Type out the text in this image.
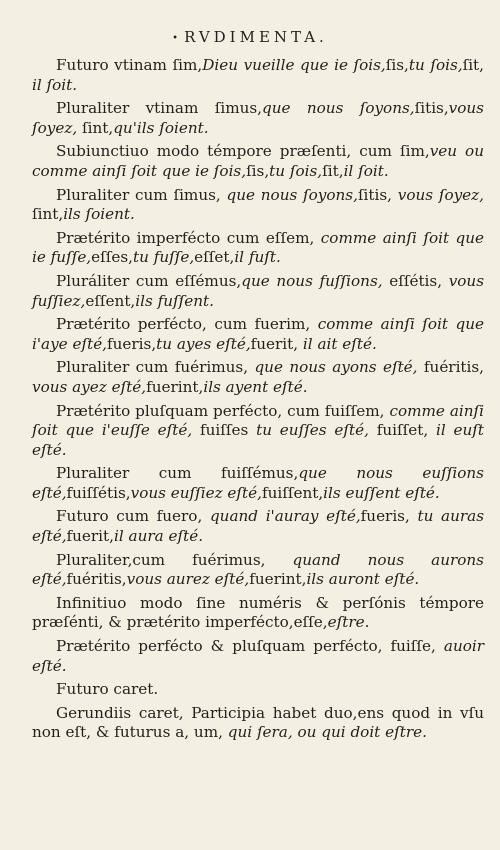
• RVDIMENTA.
Futuro vtinam ſim,Dieu vueille que ie ſois,ſis,tu ſois,ſit, il ſoit.
Pluraliter vtinam ſimus,que nous ſoyons,ſitis,vous ſoyez, ſint,qu'ils ſoient.
Subiunctiuo modo témpore præſenti, cum ſim,veu ou comme ainſi ſoit que ie ſois,ſis,tu ſois,ſit,il ſoit.
Pluraliter cum ſimus, que nous ſoyons,ſitis, vous ſoyez, ſint,ils ſoient.
Prætérito imperfécto cum eſſem, comme ainſi ſoit que ie fuſſe,eſſes,tu fuſſe,eſſet,il fuſt.
Pluráliter cum eſſémus,que nous fuſſions, eſſétis, vous fuſſiez,eſſent,ils fuſſent.
Prætérito perfécto, cum fuerim, comme ainſi ſoit que i'aye eſté,fueris,tu ayes eſté,fuerit, il ait eſté.
Pluraliter cum fuérimus, que nous ayons eſté, fuéritis, vous ayez eſté,fuerint,ils ayent eſté.
Prætérito pluſquam perfécto, cum fuiſſem, comme ainſi ſoit que i'euſſe eſté, fuiſſes tu euſſes eſté, fuiſſet, il euſt eſté.
Pluraliter cum fuiſſémus,que nous euſſions eſté,fuiſſétis,vous euſſiez eſté,fuiſſent,ils euſſent eſté.
Futuro cum fuero, quand i'auray eſté,fueris, tu auras eſté,fuerit,il aura eſté.
Pluraliter,cum fuérimus, quand nous aurons eſté,fuéritis,vous aurez eſté,fuerint,ils auront eſté.
Infinitiuo modo ſine numéris & perſónis témpore præſénti, & prætérito imperfécto,eſſe,eſtre.
Prætérito perfécto & pluſquam perfécto, fuiſſe, auoir eſté.
Futuro caret.
Gerundiis caret, Participia habet duo,ens quod in vſu non eſt, & futurus a, um, qui ſera, ou qui doit eſtre.
